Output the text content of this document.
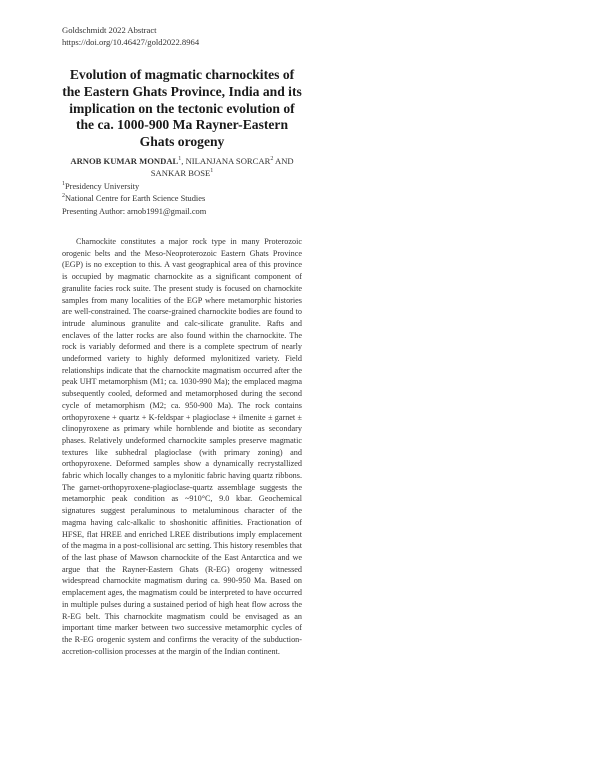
Goldschmidt 2022 Abstract
https://doi.org/10.46427/gold2022.8964
Evolution of magmatic charnockites of the Eastern Ghats Province, India and its implication on the tectonic evolution of the ca. 1000-900 Ma Rayner-Eastern Ghats orogeny
ARNOB KUMAR MONDAL$^1$, NILANJANA SORCAR$^2$ AND SANKAR BOSE$^1$
$^1$Presidency University
$^2$National Centre for Earth Science Studies
Presenting Author: arnob1991@gmail.com

Charnockite constitutes a major rock type in many Proterozoic orogenic belts and the Meso-Neoproterozoic Eastern Ghats Province (EGP) is no exception to this. A vast geographical area of this province is occupied by magmatic charnockite as a significant component of granulite facies rock suite. The present study is focused on charnockite samples from many localities of the EGP where metamorphic histories are well-constrained. The coarse-grained charnockite bodies are found to intrude aluminous granulite and calc-silicate granulite. Rafts and enclaves of the latter rocks are also found within the charnockite. The rock is variably deformed and there is a complete spectrum of nearly undeformed variety to highly deformed mylonitized variety. Field relationships indicate that the charnockite magmatism occurred after the peak UHT metamorphism (M1; ca. 1030-990 Ma); the emplaced magma subsequently cooled, deformed and metamorphosed during the second cycle of metamorphism (M2; ca. 950-900 Ma). The rock contains orthopyroxene + quartz + K-feldspar + plagioclase + ilmenite ± garnet ± clinopyroxene as primary while hornblende and biotite as secondary phases. Relatively undeformed charnockite samples preserve magmatic textures like subhedral plagioclase (with primary zoning) and orthopyroxene. Deformed samples show a dynamically recrystallized fabric which locally changes to a mylonitic fabric having quartz ribbons. The garnet-orthopyroxene-plagioclase-quartz assemblage suggests the metamorphic peak condition as ~910°C, 9.0 kbar. Geochemical signatures suggest peraluminous to metaluminous character of the magma having calc-alkalic to shoshonitic affinities. Fractionation of HFSE, flat HREE and enriched LREE distributions imply emplacement of the magma in a post-collisional arc setting. This history resembles that of the last phase of Mawson charnockite of the East Antarctica and we argue that the Rayner-Eastern Ghats (R-EG) orogeny witnessed widespread charnockite magmatism during ca. 990-950 Ma. Based on emplacement ages, the magmatism could be interpreted to have occurred in multiple pulses during a sustained period of high heat flow across the R-EG belt. This charnockite magmatism could be envisaged as an important time marker between two successive metamorphic cycles of the R-EG orogenic system and confirms the veracity of the subduction-accretion-collision processes at the margin of the Indian continent.
